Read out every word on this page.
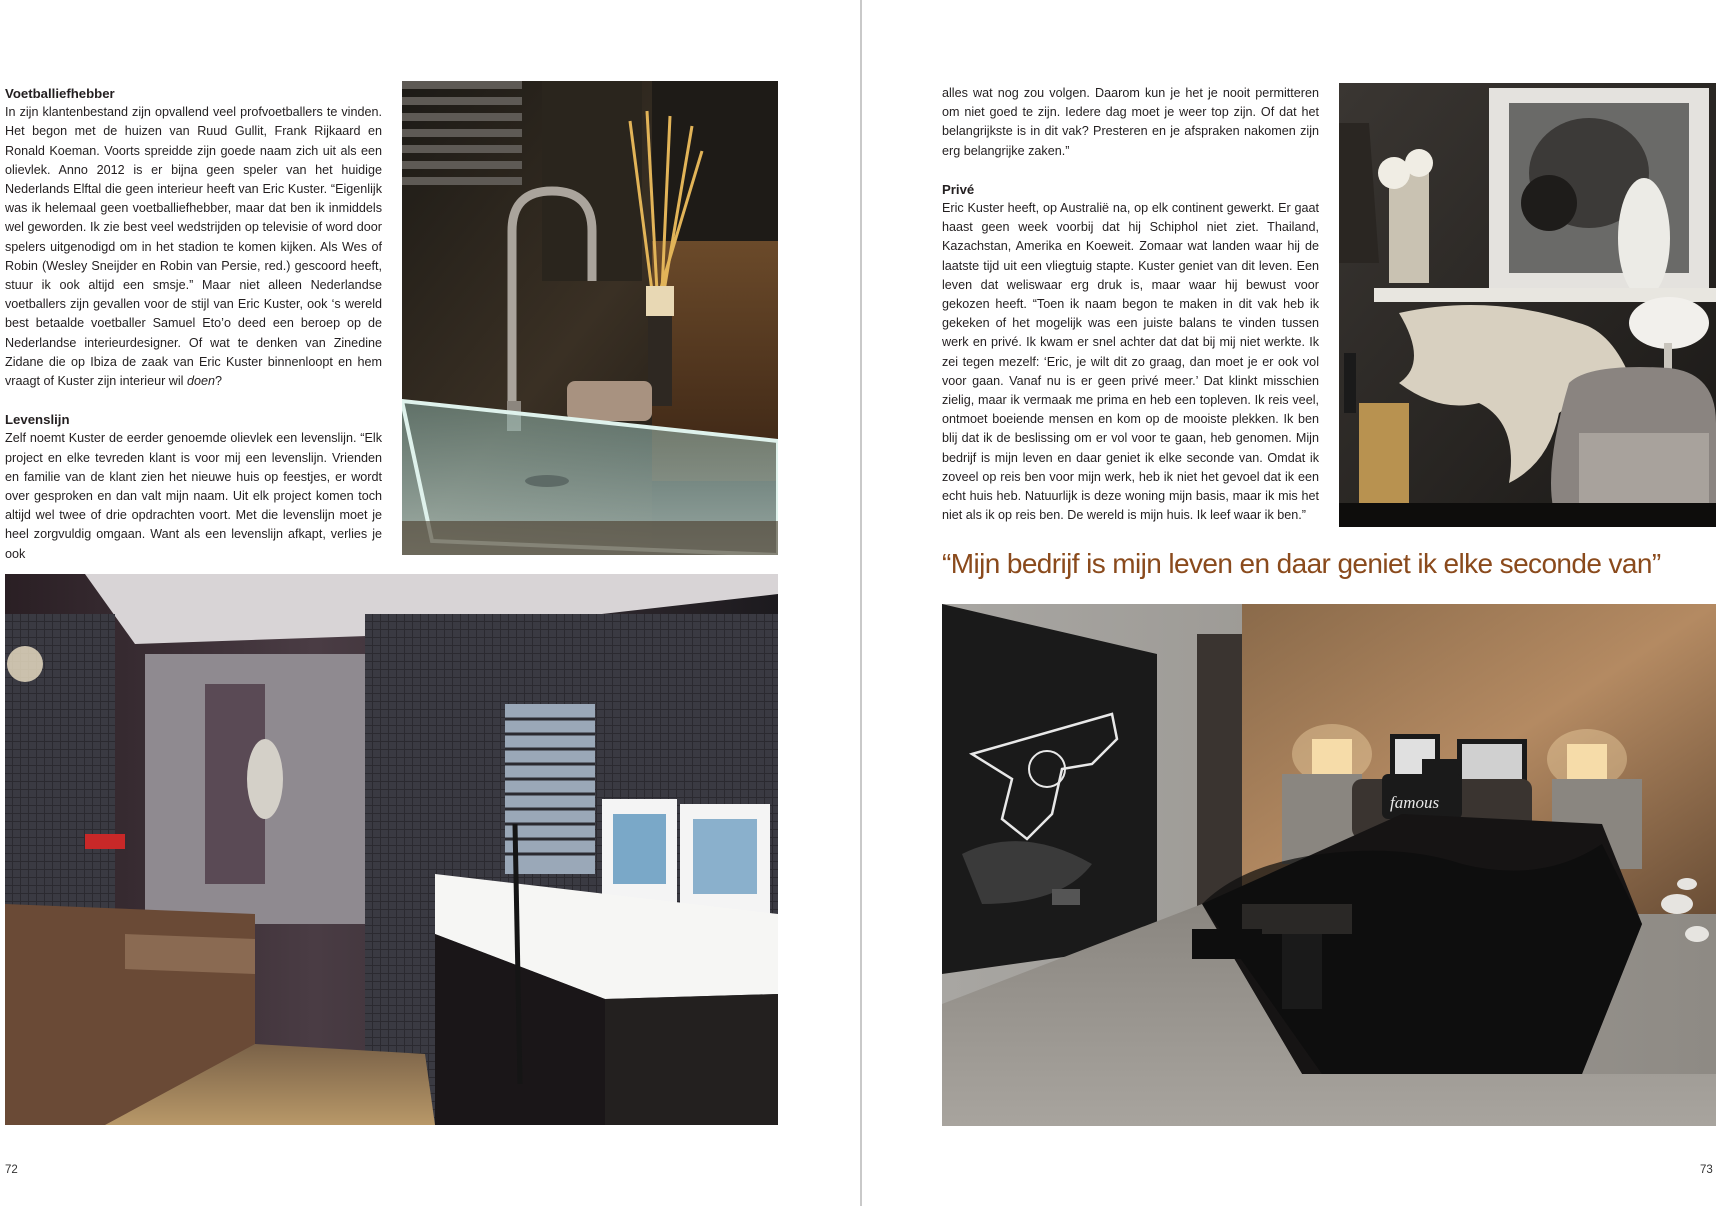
Voetballiefhebber

In zijn klantenbestand zijn opvallend veel profvoetballers te vinden. Het begon met de huizen van Ruud Gullit, Frank Rijkaard en Ronald Koeman. Voorts spreidde zijn goede naam zich uit als een olievlek. Anno 2012 is er bijna geen speler van het huidige Nederlands Elftal die geen interieur heeft van Eric Kuster. “Eigenlijk was ik helemaal geen voetballiefhebber, maar dat ben ik inmiddels wel geworden. Ik zie best veel wedstrijden op televisie of word door spelers uitgenodigd om in het stadion te komen kijken. Als Wes of Robin (Wesley Sneijder en Robin van Persie, red.) gescoord heeft, stuur ik ook altijd een smsje.” Maar niet alleen Nederlandse voetballers zijn gevallen voor de stijl van Eric Kuster, ook ‘s wereld best betaalde voetballer Samuel Eto’o deed een beroep op de Nederlandse interieurdesigner. Of wat te denken van Zinedine Zidane die op Ibiza de zaak van Eric Kuster binnenloopt en hem vraagt of Kuster zijn interieur wil doen?

Levenslijn

Zelf noemt Kuster de eerder genoemde olievlek een levenslijn. “Elk project en elke tevreden klant is voor mij een levenslijn. Vrienden en familie van de klant zien het nieuwe huis op feestjes, er wordt over gesproken en dan valt mijn naam. Uit elk project komen toch altijd wel twee of drie opdrachten voort. Met die levenslijn moet je heel zorgvuldig omgaan. Want als een levenslijn afkapt, verlies je ook

72

alles wat nog zou volgen. Daarom kun je het je nooit permitteren om niet goed te zijn. Iedere dag moet je weer top zijn. Of dat het belangrijkste is in dit vak? Presteren en je afspraken nakomen zijn erg belangrijke zaken.”

Privé

Eric Kuster heeft, op Australië na, op elk continent gewerkt. Er gaat haast geen week voorbij dat hij Schiphol niet ziet. Thailand, Kazachstan, Amerika en Koeweit. Zomaar wat landen waar hij de laatste tijd uit een vliegtuig stapte. Kuster geniet van dit leven. Een leven dat weliswaar erg druk is, maar waar hij bewust voor gekozen heeft. “Toen ik naam begon te maken in dit vak heb ik gekeken of het mogelijk was een juiste balans te vinden tussen werk en privé. Ik kwam er snel achter dat dat bij mij niet werkte. Ik zei tegen mezelf: ‘Eric, je wilt dit zo graag, dan moet je er ook vol voor gaan. Vanaf nu is er geen privé meer.’ Dat klinkt misschien zielig, maar ik vermaak me prima en heb een topleven. Ik reis veel, ontmoet boeiende mensen en kom op de mooiste plekken. Ik ben blij dat ik de beslissing om er vol voor te gaan, heb genomen. Mijn bedrijf is mijn leven en daar geniet ik elke seconde van. Omdat ik zoveel op reis ben voor mijn werk, heb ik niet het gevoel dat ik een echt huis heb. Natuurlijk is deze woning mijn basis, maar ik mis het niet als ik op reis ben. De wereld is mijn huis. Ik leef waar ik ben.”

“Mijn bedrijf is mijn leven en daar geniet ik elke seconde van”
famous
73
